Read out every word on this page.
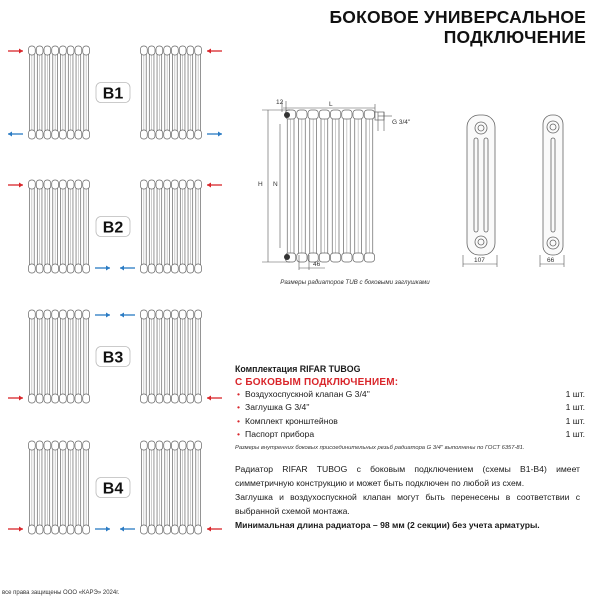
БОКОВОЕ УНИВЕРСАЛЬНОЕ
ПОДКЛЮЧЕНИЕ
B1
B2
B3
B4
12	L
H N
46
G 3/4''
107	66
Размеры радиаторов TUB с боковыми заглушками
Комплектация RIFAR TUBOG
С БОКОВЫМ ПОДКЛЮЧЕНИЕМ:
• Воздухоспускной клапан G 3/4''	1 шт.
• Заглушка G 3/4''	1 шт.
• Комплект кронштейнов	1 шт.
• Паспорт прибора	1 шт.
Размеры внутренних боковых присоединительных резьб радиатора G 3/4'' выполнены по ГОСТ 6357-81.

Радиатор RIFAR TUBOG с боковым подключением (схемы В1-В4) имеет симметричную конструкцию и может быть подключен по любой из схем.

Заглушка и воздухоспускной клапан могут быть перенесены в соответствии с выбранной схемой монтажа.

Минимальная длина радиатора – 98 мм (2 секции) без учета арматуры.

все права защищены ООО «КАРЭ» 2024г.
